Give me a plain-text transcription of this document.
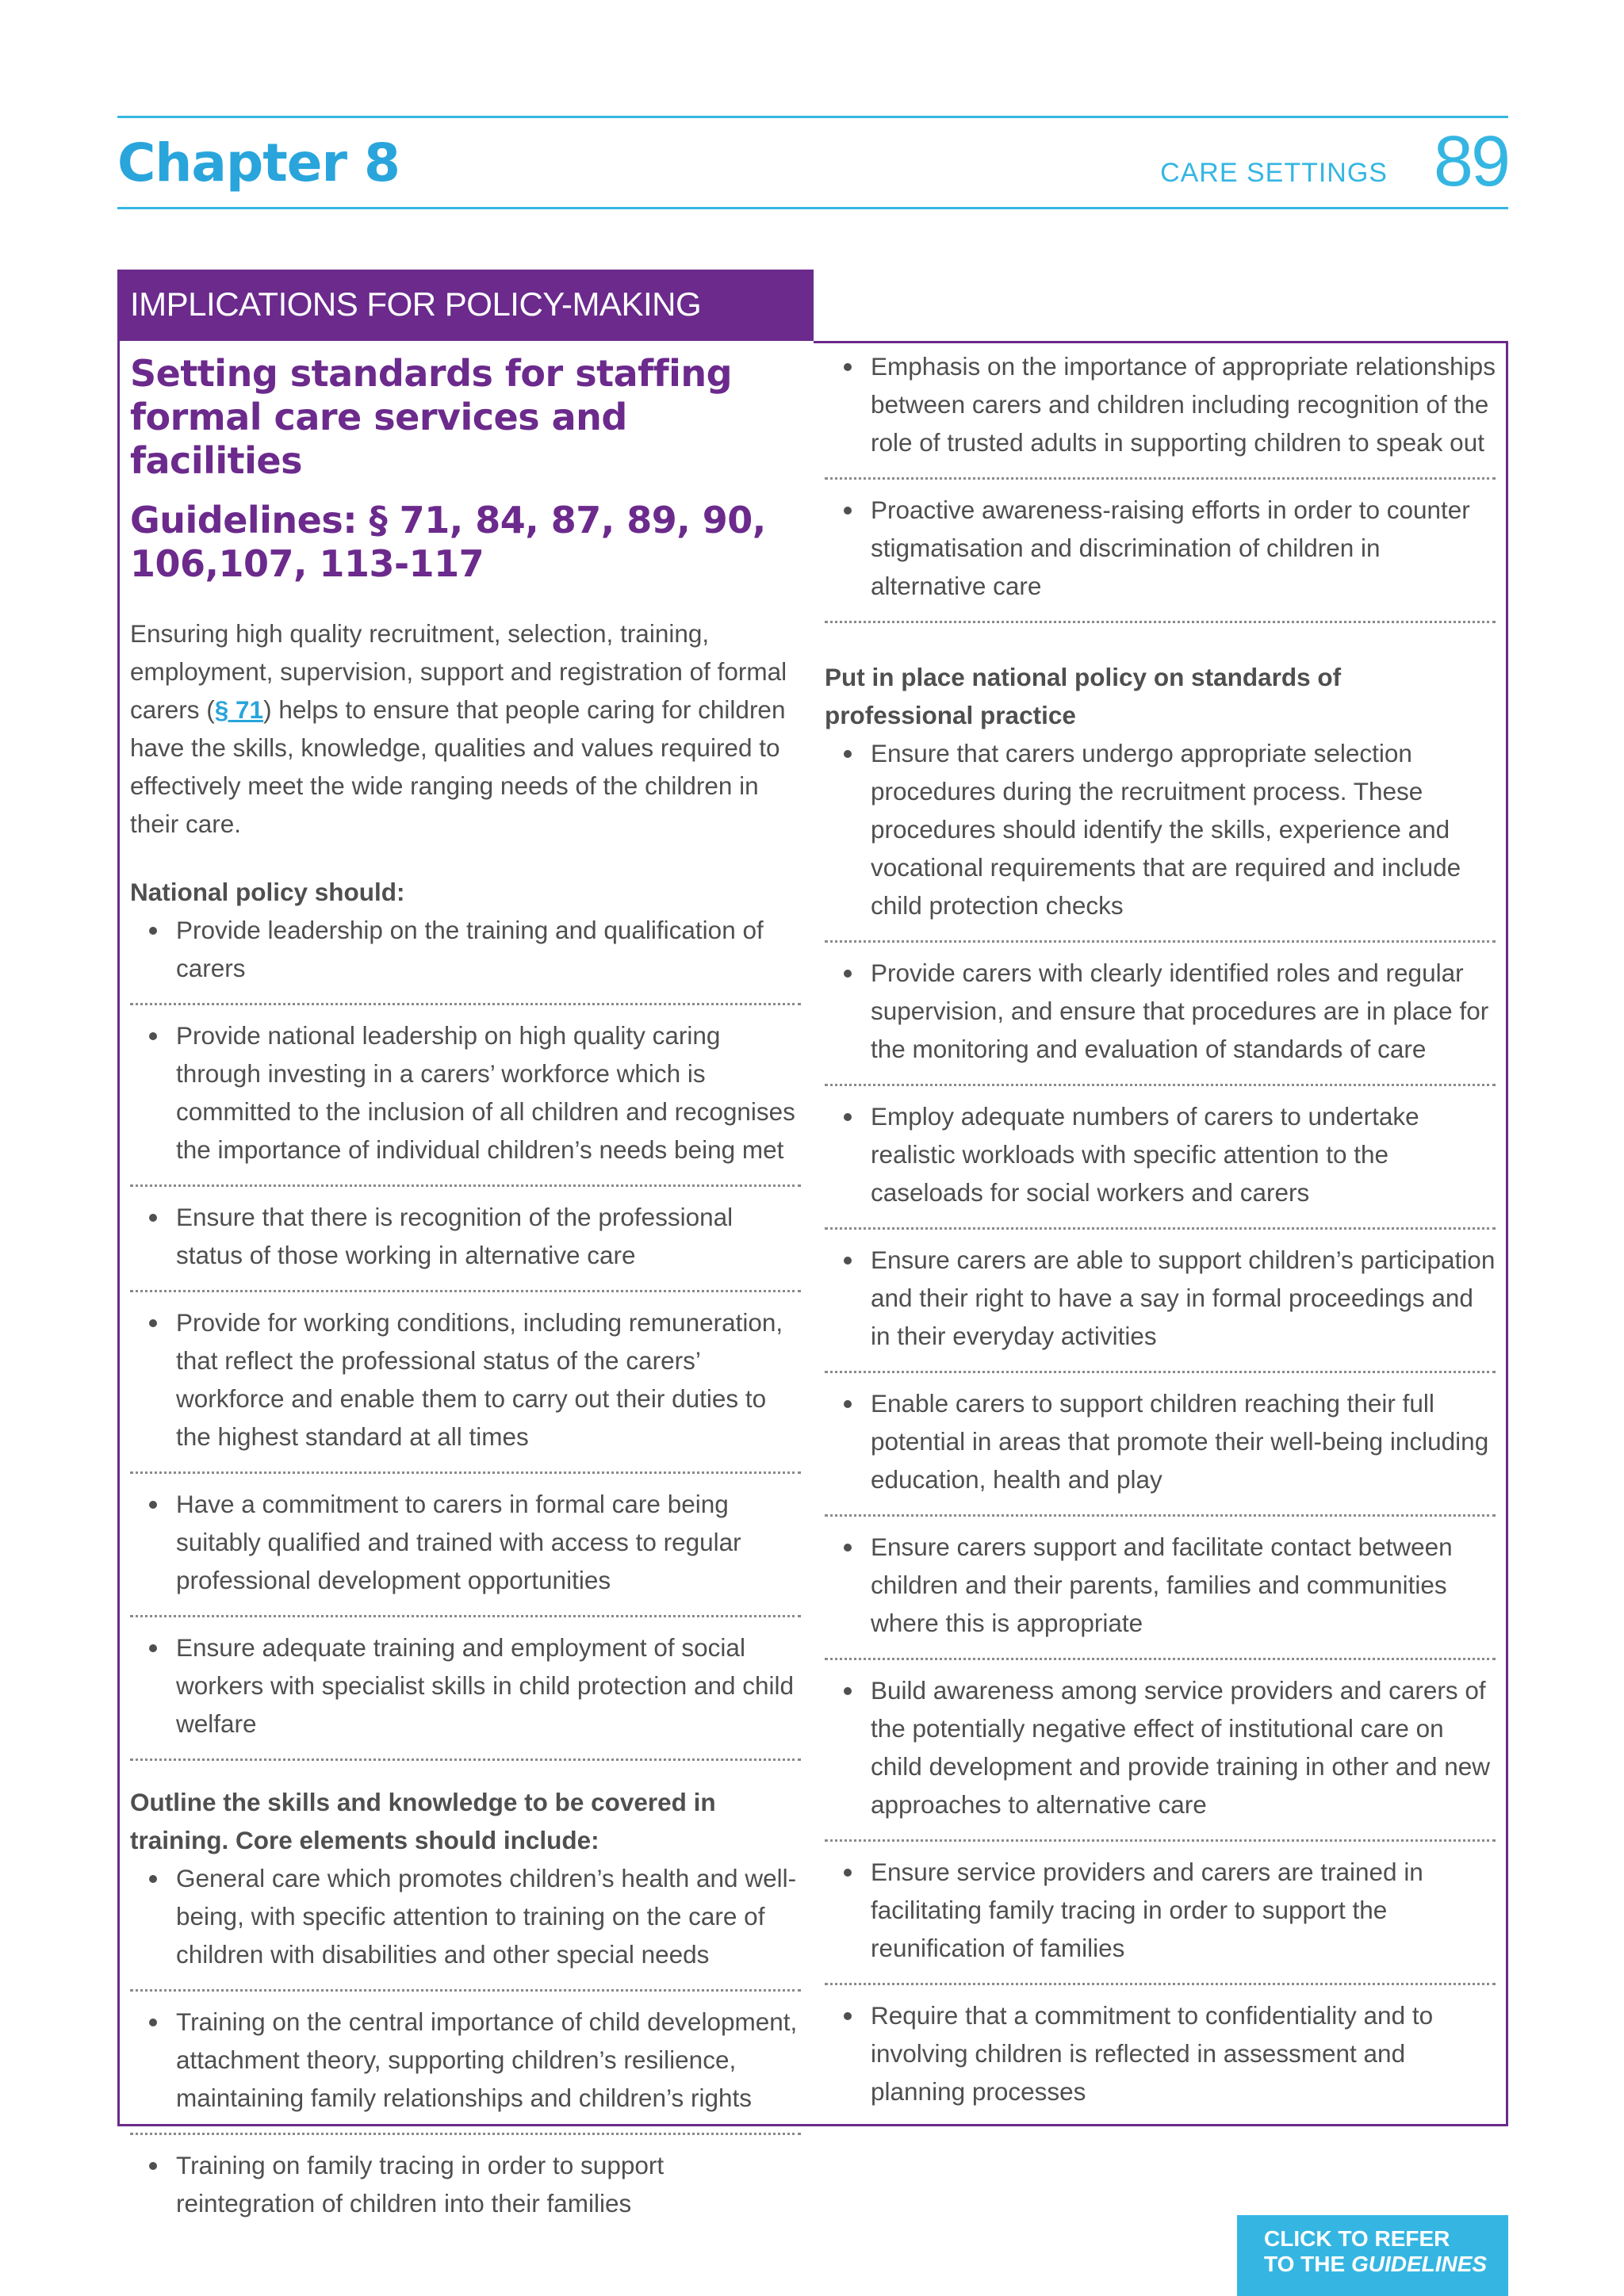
Chapter 8	CARE SETTINGS 89
IMPLICATIONS FOR POLICY-MAKING
Setting standards for staffing formal care services and facilities
Guidelines: § 71, 84, 87, 89, 90, 106,107, 113-117

Ensuring high quality recruitment, selection, training, employment, supervision, support and registration of formal carers (§ 71) helps to ensure that people caring for children have the skills, knowledge, qualities and values required to effectively meet the wide ranging needs of the children in their care.

National policy should:

Provide leadership on the training and qualification of carers
Provide national leadership on high quality caring through investing in a carers’ workforce which is committed to the inclusion of all children and recognises the importance of individual children’s needs being met
Ensure that there is recognition of the professional status of those working in alternative care
Provide for working conditions, including remuneration, that reflect the professional status of the carers’ workforce and enable them to carry out their duties to the highest standard at all times
Have a commitment to carers in formal care being suitably qualified and trained with access to regular professional development opportunities
Ensure adequate training and employment of social workers with specialist skills in child protection and child welfare

Outline the skills and knowledge to be covered in training. Core elements should include:

General care which promotes children’s health and well-being, with specific attention to training on the care of children with disabilities and other special needs
Training on the central importance of child development, attachment theory, supporting children’s resilience, maintaining family relationships and children’s rights
Training on family tracing in order to support reintegration of children into their families
Emphasis on the importance of appropriate relationships between carers and children including recognition of the role of trusted adults in supporting children to speak out
Proactive awareness-raising efforts in order to counter stigmatisation and discrimination of children in alternative care

Put in place national policy on standards of professional practice

Ensure that carers undergo appropriate selection procedures during the recruitment process. These procedures should identify the skills, experience and vocational requirements that are required and include child protection checks
Provide carers with clearly identified roles and regular supervision, and ensure that procedures are in place for the monitoring and evaluation of standards of care
Employ adequate numbers of carers to undertake realistic workloads with specific attention to the caseloads for social workers and carers
Ensure carers are able to support children’s participation and their right to have a say in formal proceedings and in their everyday activities
Enable carers to support children reaching their full potential in areas that promote their well-being including education, health and play
Ensure carers support and facilitate contact between children and their parents, families and communities where this is appropriate
Build awareness among service providers and carers of the potentially negative effect of institutional care on child development and provide training in other and new approaches to alternative care
Ensure service providers and carers are trained in facilitating family tracing in order to support the reunification of families
Require that a commitment to confidentiality and to involving children is reflected in assessment and planning processes
CLICK TO REFER
TO THE GUIDELINES
